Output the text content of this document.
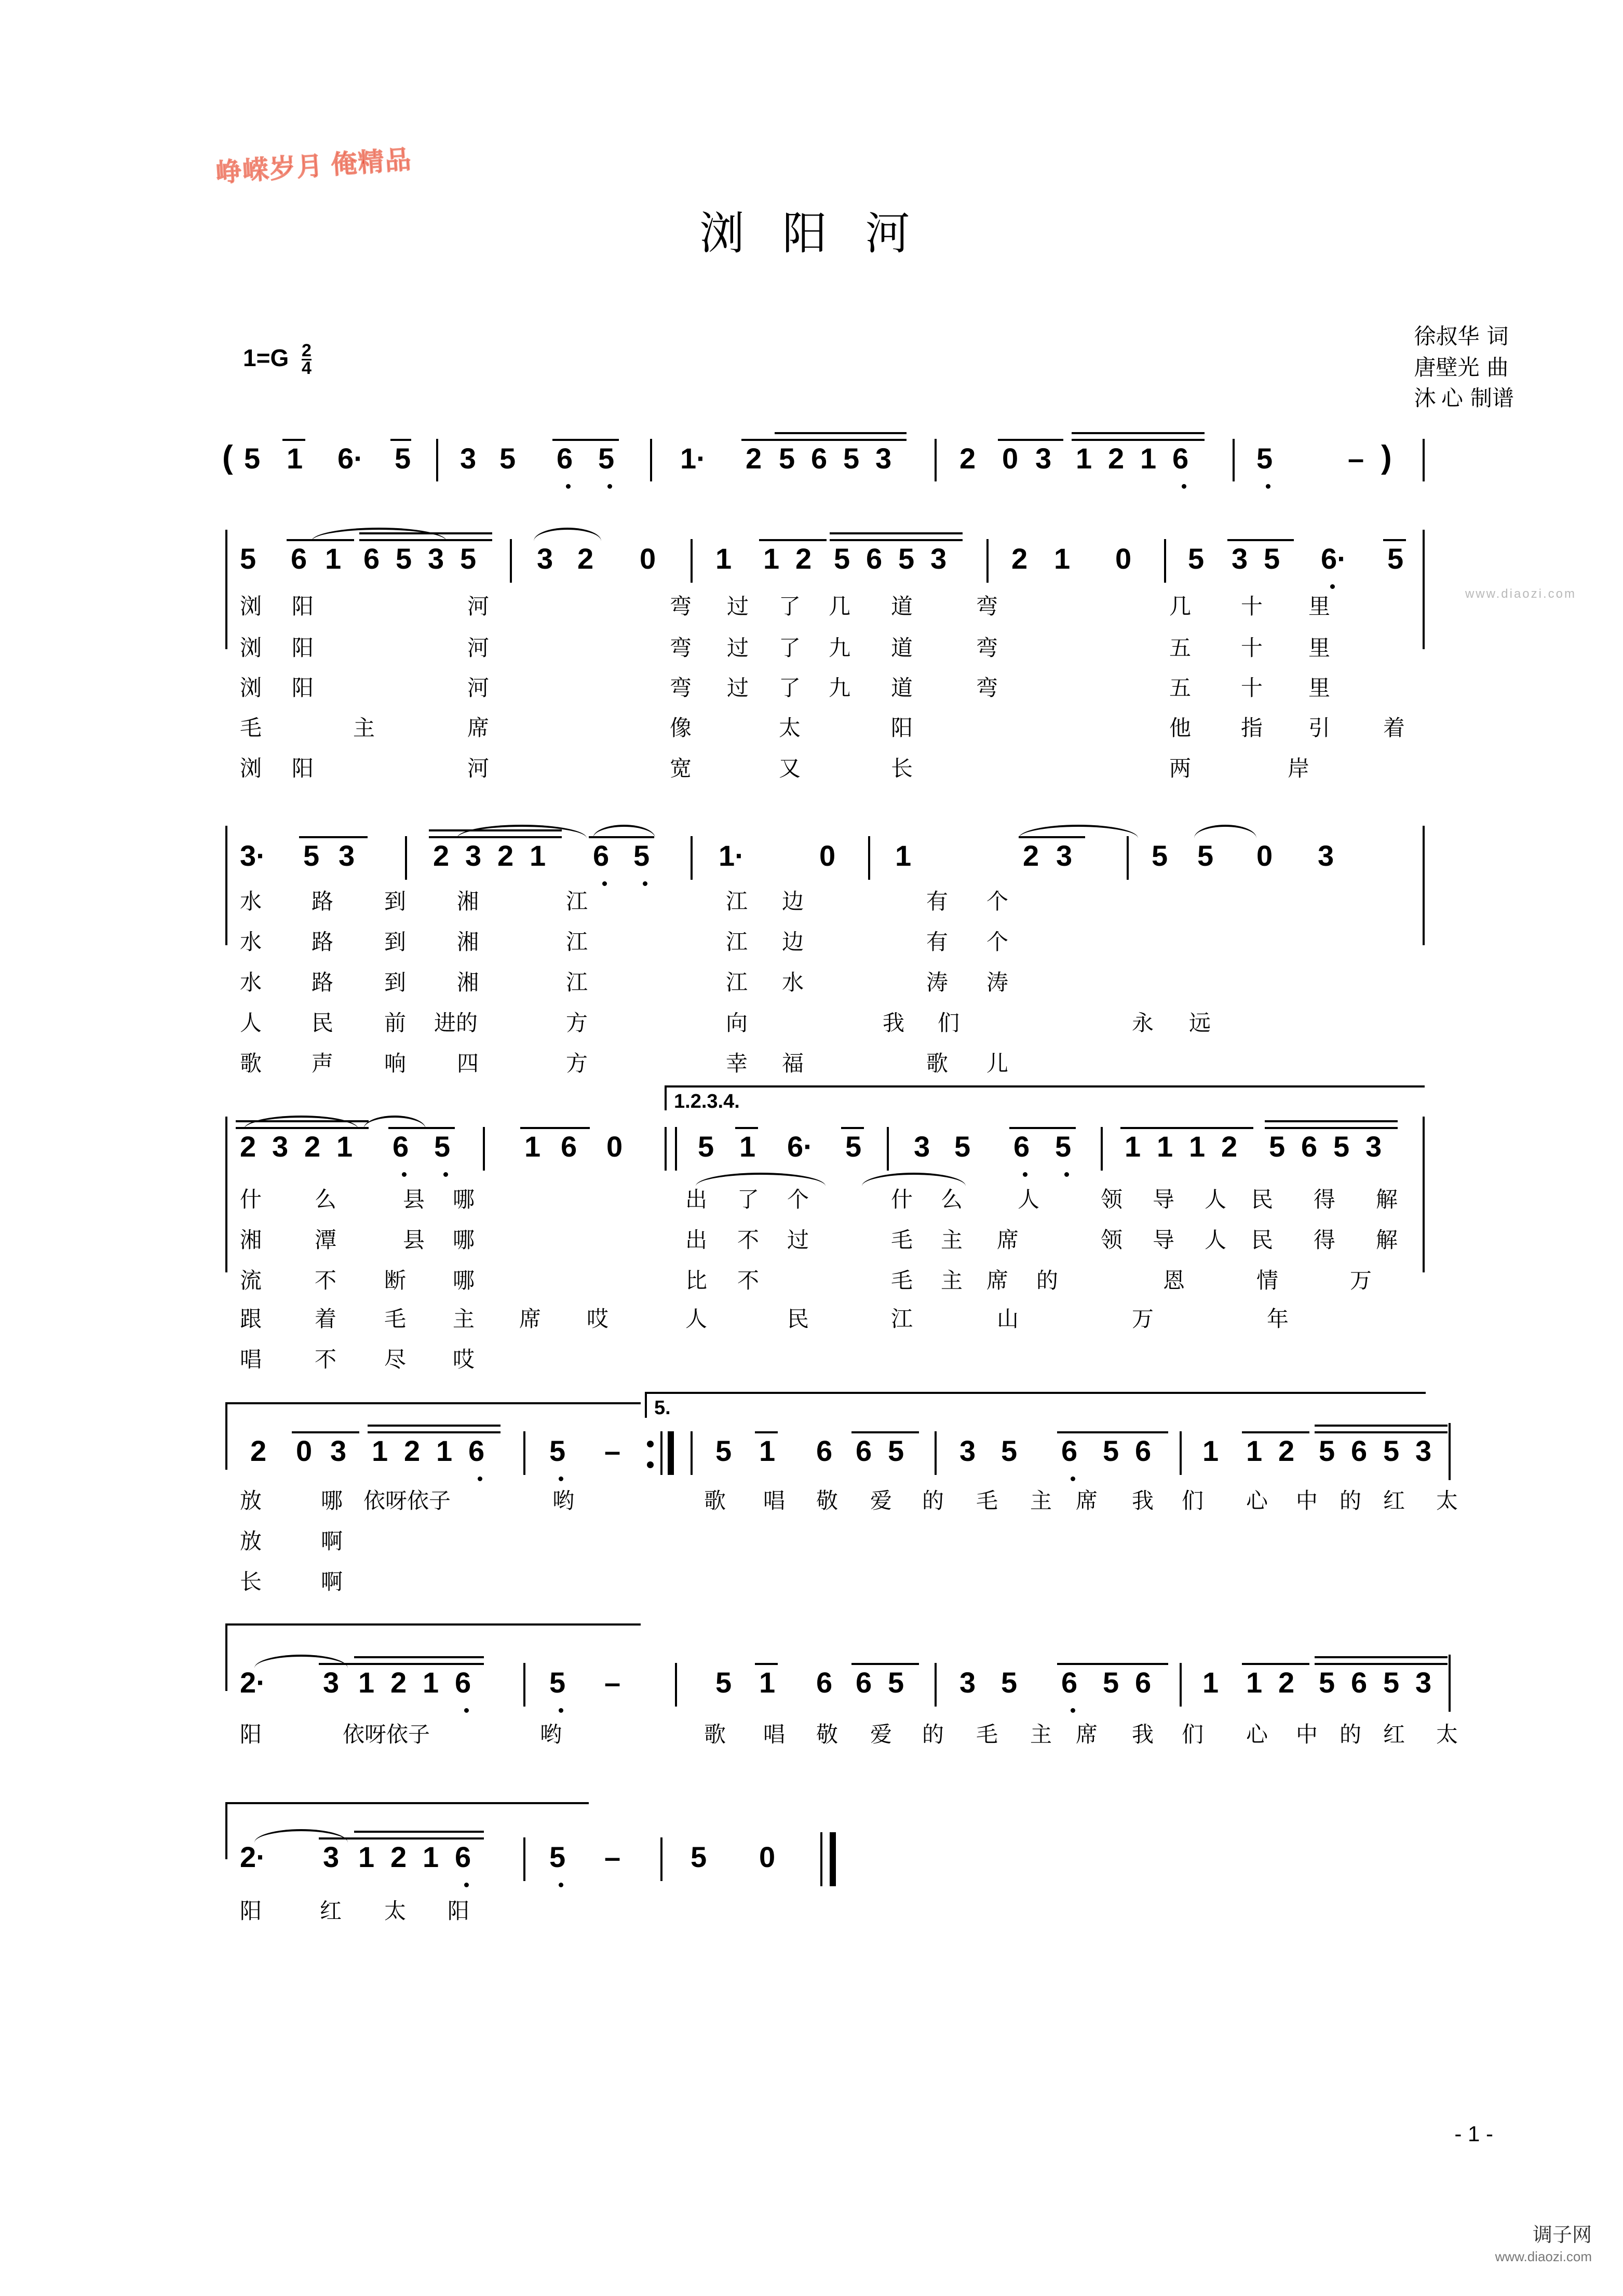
峥嵘岁月 俺精品
浏 阳 河
$1=G \frac{2}{4}$
徐叔华 词
唐壁光 曲
沐 心 制谱
www.diaozi.com
( 5 1 6· 5 3 5 6 5 1· 2 5 6 5 3 2 0 3 1 2 1 6 5	– )
5 6 1 6 5 3 5 3 2 0 1 1 2 5 6 5 3 2 1 0 5 3 5 6· 5
浏 阳	河	弯 过 了 几 道	弯	几 十 里
浏 阳	河	弯 过 了 九 道	弯	五 十 里
浏 阳	河	弯 过 了 九 道	弯	五 十 里
毛	主	席	像	太	阳	他 指 引 着
浏 阳	河	宽	又	长	两	岸
3· 5 3	2 3 2 1 6 5 1·	0 1	2 3	5 5 0 3
水 路 到 湘	江	江 边	有 个
水 路 到 湘	江	江 边	有 个
水 路 到 湘	江	江 水	涛 涛
人 民 前 进的	方	向	我 们	永 远
歌 声 响 四	方	幸 福	歌 儿
2 3 2 1 6 5	1 6 0
1.2.3.4.
5 1 6· 5 3 5 6 5 1 1 1 2 5 6 5 3
什 么	县 哪	出 了 个	什 么	人	领 导 人 民 得 解
湘 潭	县 哪	出 不 过	毛 主 席	领 导 人 民 得 解
流 不 断 哪	比 不	毛 主 席 的	恩	情	万
跟 着 毛 主 席 哎	人	民	江	山	万	年
唱 不 尽 哎
2 0 3 1 2 1 6 5 –
5.
5 1 6 6 5 3 5 6 5 6 1 1 2 5 6 5 3
放	哪 依呀依子	哟	歌 唱 敬 爱 的 毛 主 席 我 们 心 中 的 红 太
放	啊
长	啊
2· 3 1 2 1 6	5 –	5 1 6 6 5 3 5 6 5 6 1 1 2 5 6 5 3
阳	依呀依子	哟	歌 唱 敬 爱 的 毛 主 席 我 们 心 中 的 红 太
2· 3 1 2 1 6	5 – 5 0
阳	红 太 阳
- 1 -
调子网
www.diaozi.com
